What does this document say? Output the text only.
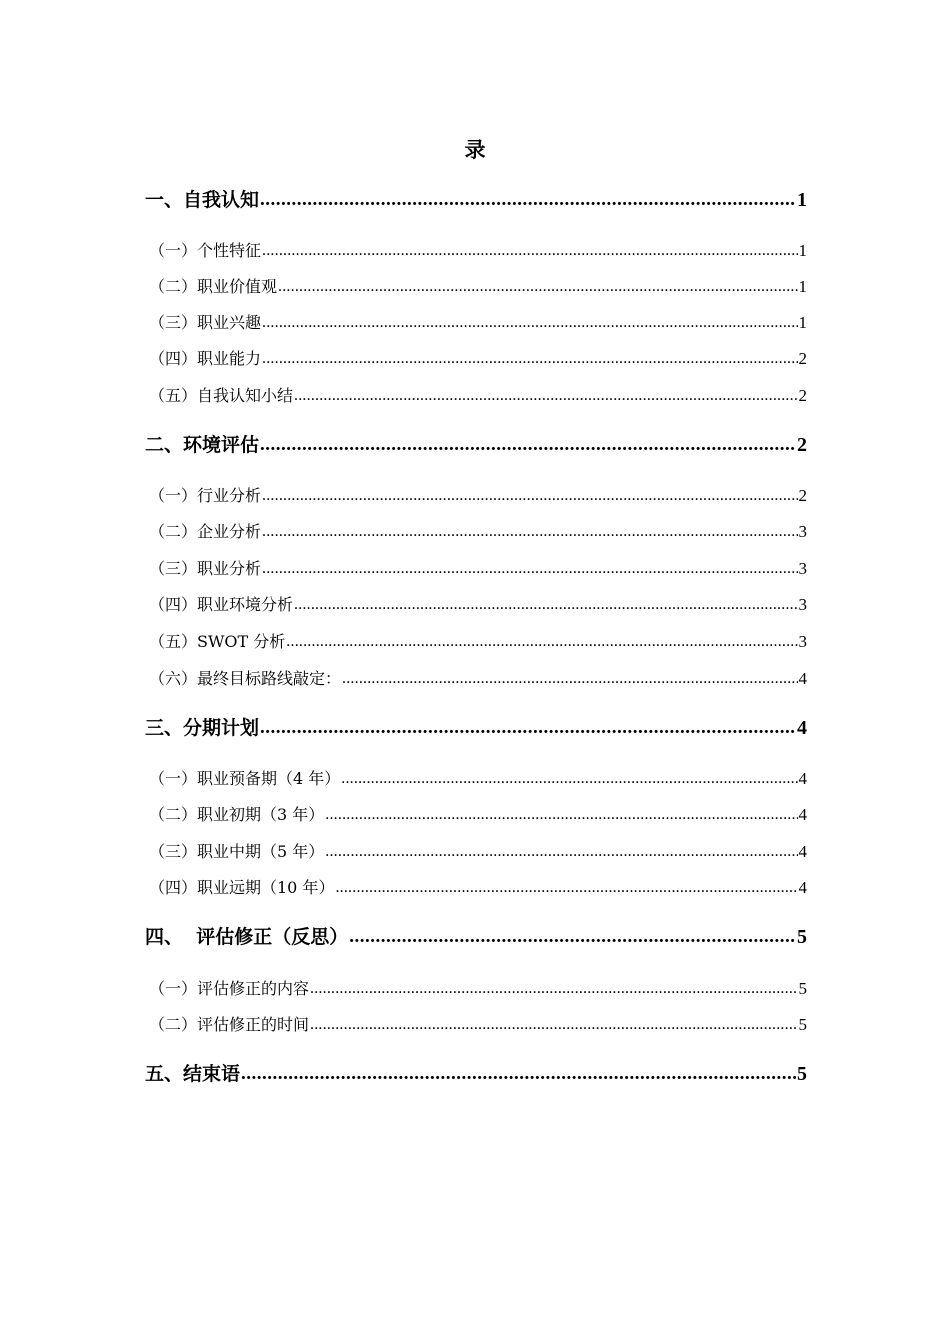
录
一、自我认知 .....	1
（一）个性特征 .....	1
（二）职业价值观 .....	1
（三）职业兴趣 .....	1
（四）职业能力 .....	2
（五）自我认知小结 .....	2
二、环境评估 .....	2
（一）行业分析 .....	2
（二）企业分析 .....	3
（三）职业分析 .....	3
（四）职业环境分析 .....	3
（五）SWOT 分析 .....	3
（六）最终目标路线敲定： .....	4
三、分期计划 .....	4
（一）职业预备期（4 年） .....	4
（二）职业初期（3 年） .....	4
（三）职业中期（5 年） .....	4
（四）职业远期（10 年） .....	4
四、  评估修正（反思） .....	5
（一）评估修正的内容 .....	5
（二）评估修正的时间 .....	5
五、结束语 .....	5
